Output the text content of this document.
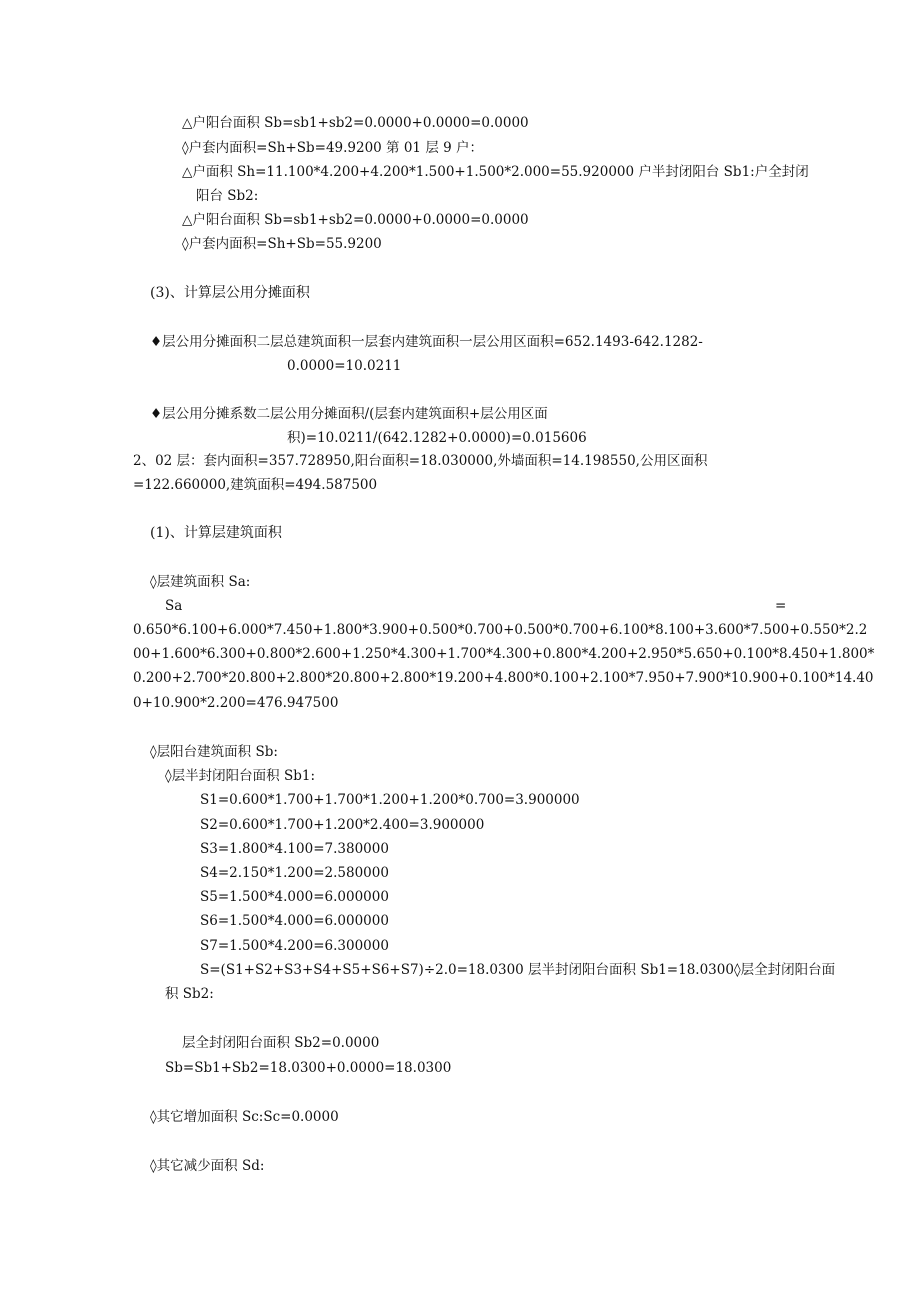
△户阳台面积 Sb=sb1+sb2=0.0000+0.0000=0.0000
◊户套内面积=Sh+Sb=49.9200 第 01 层 9 户：
△户面积 Sh=11.100*4.200+4.200*1.500+1.500*2.000=55.920000 户半封闭阳台 Sb1:户全封闭
阳台 Sb2:
△户阳台面积 Sb=sb1+sb2=0.0000+0.0000=0.0000
◊户套内面积=Sh+Sb=55.9200
(3)、计算层公用分摊面积
♦层公用分摊面积二层总建筑面积一层套内建筑面积一层公用区面积=652.1493-642.1282-
0.0000=10.0211
♦层公用分摊系数二层公用分摊面积/(层套内建筑面积+层公用区面
积)=10.0211/(642.1282+0.0000)=0.015606
2、02 层：套内面积=357.728950,阳台面积=18.030000,外墙面积=14.198550,公用区面积
=122.660000,建筑面积=494.587500
(1)、计算层建筑面积
◊层建筑面积 Sa:
Sa	=
0.650*6.100+6.000*7.450+1.800*3.900+0.500*0.700+0.500*0.700+6.100*8.100+3.600*7.500+0.550*2.2
00+1.600*6.300+0.800*2.600+1.250*4.300+1.700*4.300+0.800*4.200+2.950*5.650+0.100*8.450+1.800*
0.200+2.700*20.800+2.800*20.800+2.800*19.200+4.800*0.100+2.100*7.950+7.900*10.900+0.100*14.40
0+10.900*2.200=476.947500
◊层阳台建筑面积 Sb:
◊层半封闭阳台面积 Sb1:
S1=0.600*1.700+1.700*1.200+1.200*0.700=3.900000
S2=0.600*1.700+1.200*2.400=3.900000
S3=1.800*4.100=7.380000
S4=2.150*1.200=2.580000
S5=1.500*4.000=6.000000
S6=1.500*4.000=6.000000
S7=1.500*4.200=6.300000
S=(S1+S2+S3+S4+S5+S6+S7)÷2.0=18.0300 层半封闭阳台面积 Sb1=18.0300◊层全封闭阳台面
积 Sb2:
层全封闭阳台面积 Sb2=0.0000
Sb=Sb1+Sb2=18.0300+0.0000=18.0300
◊其它增加面积 Sc:Sc=0.0000
◊其它减少面积 Sd:
